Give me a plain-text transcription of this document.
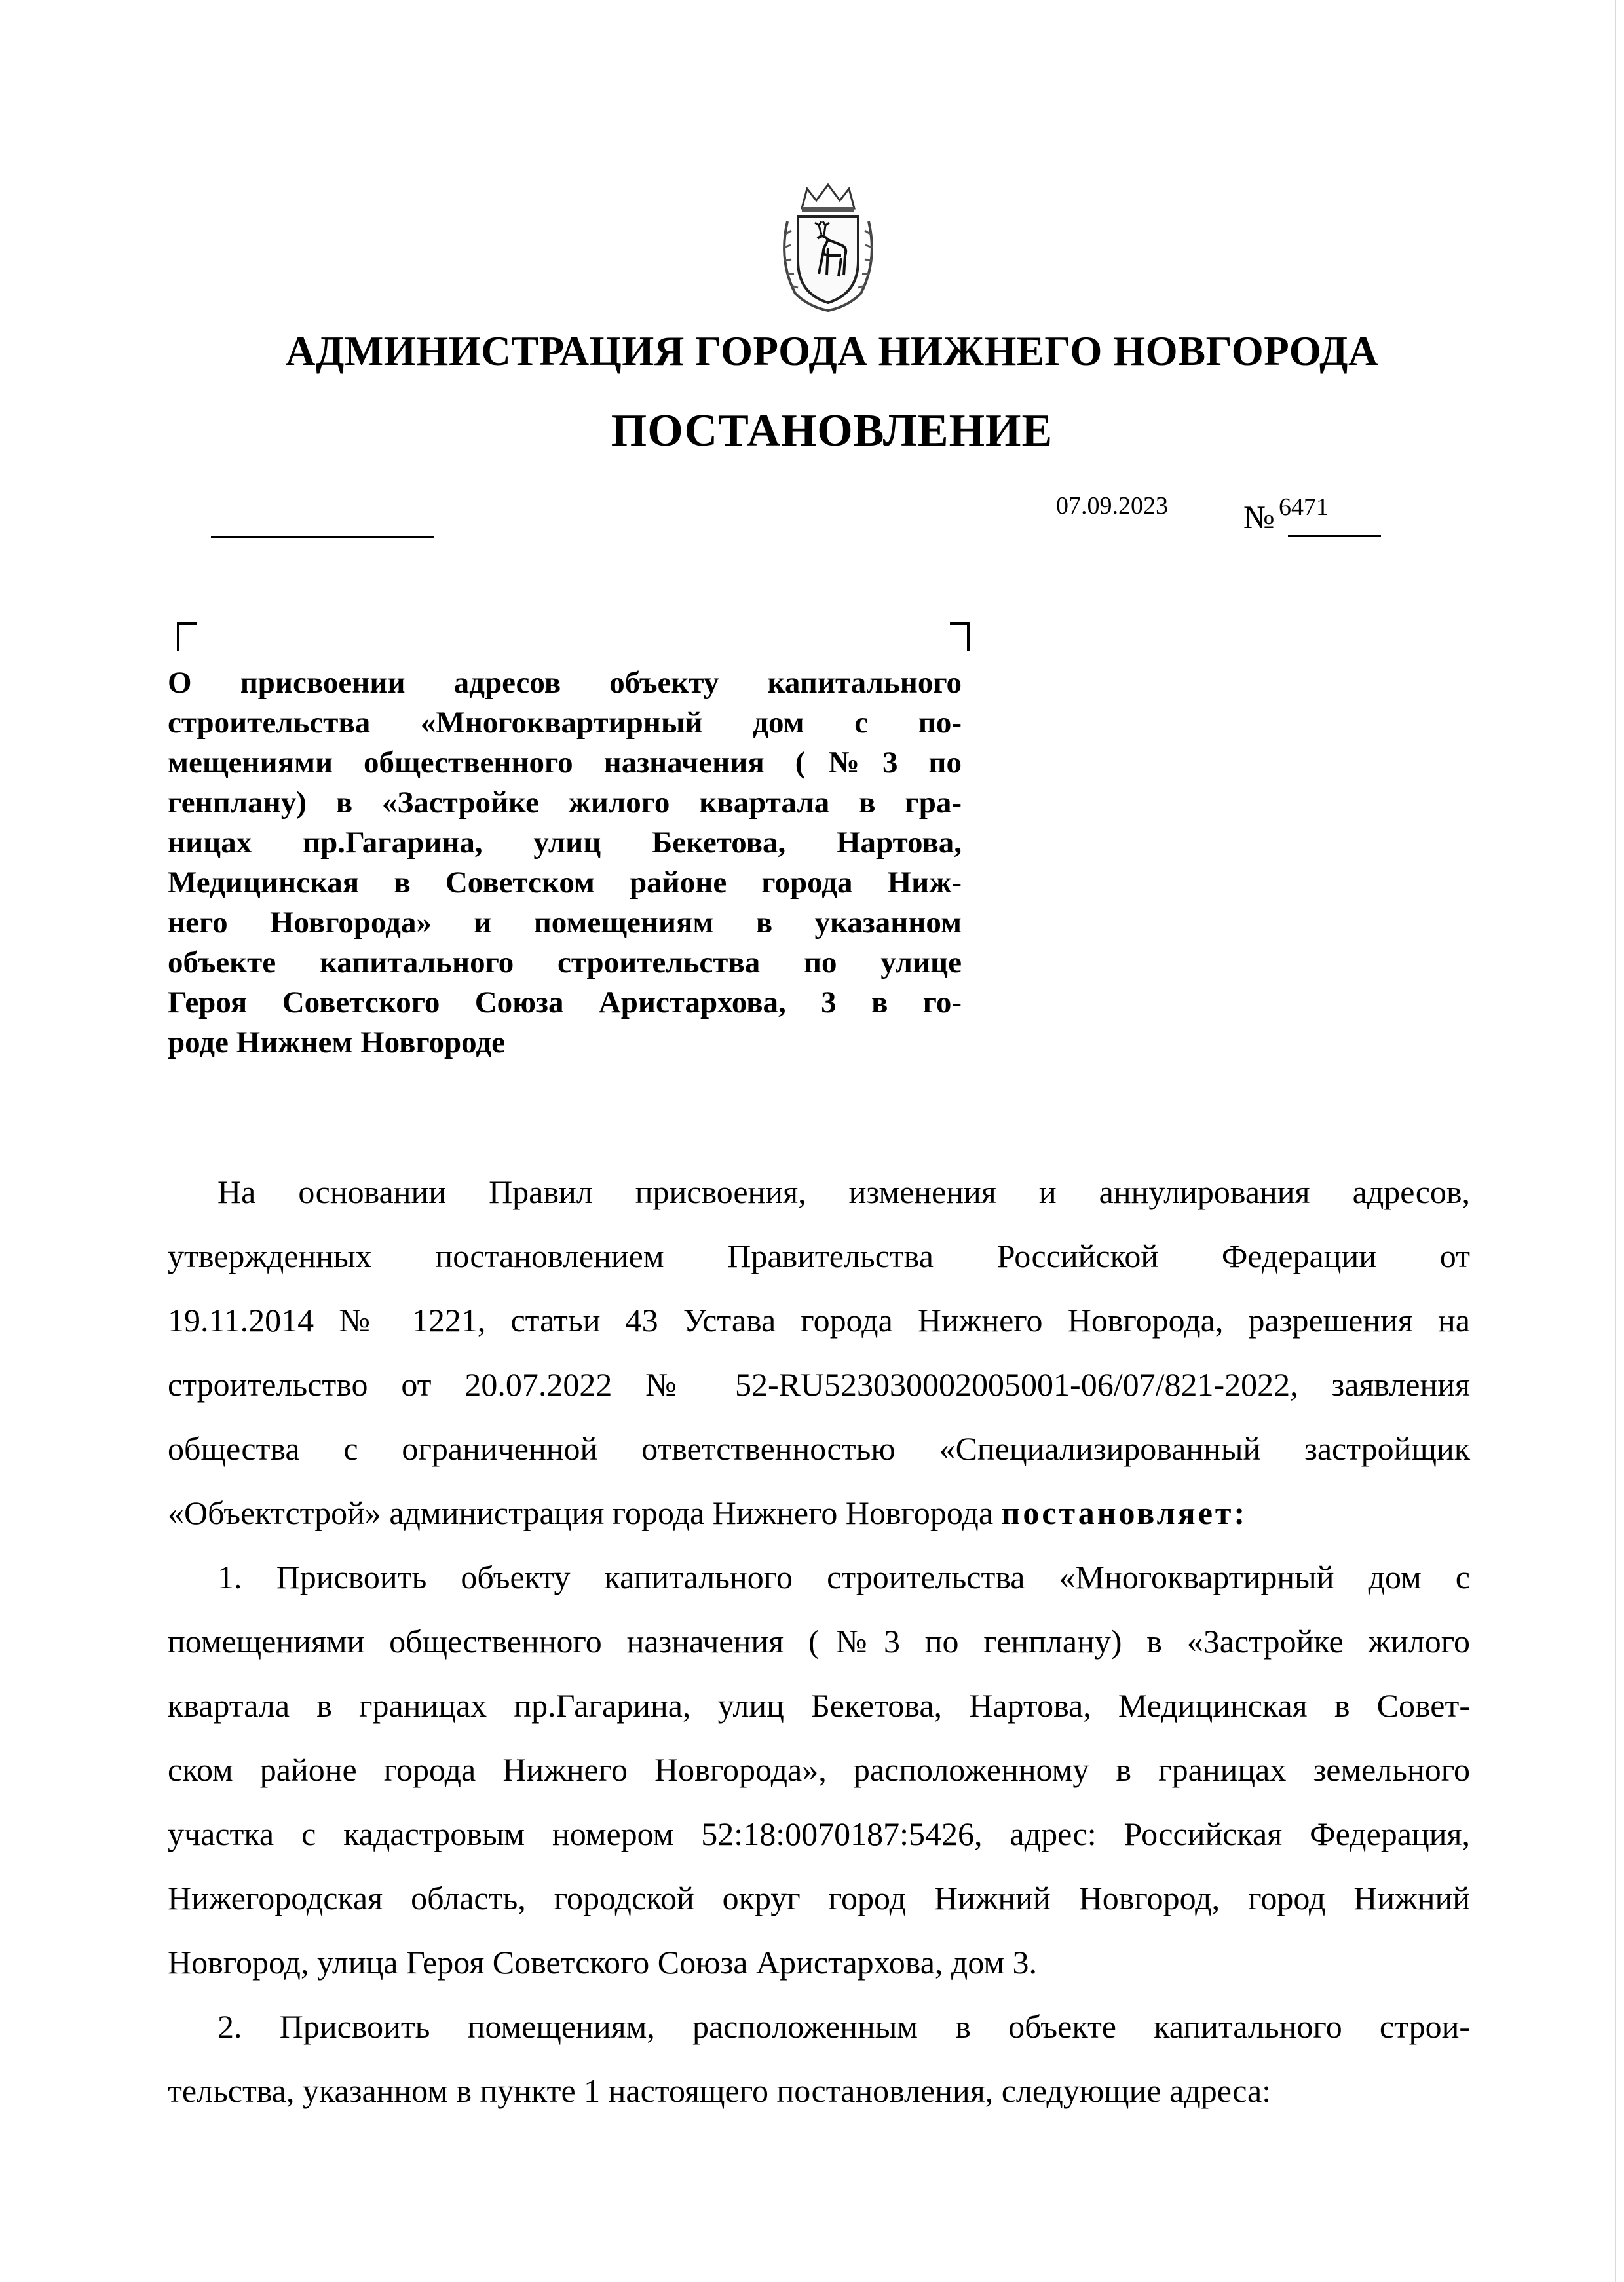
АДМИНИСТРАЦИЯ ГОРОДА НИЖНЕГО НОВГОРОДА
ПОСТАНОВЛЕНИЕ
07.09.2023 № 6471
О присвоении адресов объекту капитального
строительства «Многоквартирный дом с по-
мещениями общественного назначения (№3 по
генплану) в «Застройке жилого квартала в гра-
ницах пр.Гагарина, улиц Бекетова, Нартова,
Медицинская в Советском районе города Ниж-
него Новгорода» и помещениям в указанном
объекте капитального строительства по улице
Героя Советского Союза Аристархова, 3 в го-
роде Нижнем Новгороде
На основании Правил присвоения, изменения и аннулирования адресов,
утвержденных постановлением Правительства Российской Федерации от
19.11.2014 № 1221, статьи 43 Устава города Нижнего Новгорода, разрешения на
строительство от 20.07.2022 № 52-RU523030002005001-06/07/821-2022, заявления
общества с ограниченной ответственностью «Специализированный застройщик
«Объектстрой» администрация города Нижнего Новгорода постановляет:
1. Присвоить объекту капитального строительства «Многоквартирный дом с
помещениями общественного назначения (№3 по генплану) в «Застройке жилого
квартала в границах пр.Гагарина, улиц Бекетова, Нартова, Медицинская в Совет-
ском районе города Нижнего Новгорода», расположенному в границах земельного
участка с кадастровым номером 52:18:0070187:5426, адрес: Российская Федерация,
Нижегородская область, городской округ город Нижний Новгород, город Нижний
Новгород, улица Героя Советского Союза Аристархова, дом 3.
2. Присвоить помещениям, расположенным в объекте капитального строи-
тельства, указанном в пункте 1 настоящего постановления, следующие адреса:
